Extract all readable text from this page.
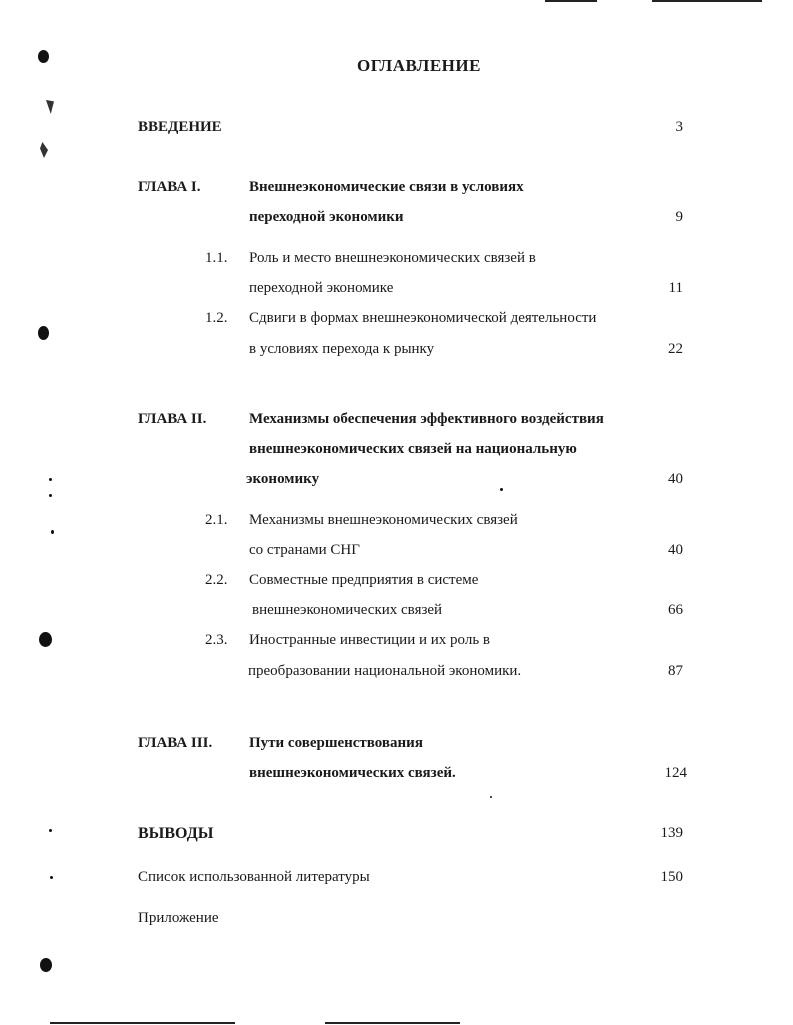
ОГЛАВЛЕНИЕ
ВВЕДЕНИЕ	3
ГЛАВА I.	Внешнеэкономические связи в условиях
переходной экономики	9
1.1. Роль и место внешнеэкономических связей в
переходной экономике	11
1.2. Сдвиги в формах внешнеэкономической деятельности
в условиях перехода к рынку	22
ГЛАВА II.	Механизмы обеспечения эффективного воздействия
внешнеэкономических связей на национальную
экономику	40
2.1. Механизмы внешнеэкономических связей
со странами СНГ	40
2.2. Совместные предприятия в системе
внешнеэкономических связей	66
2.3. Иностранные инвестиции и их роль в
преобразовании национальной экономики.	87
ГЛАВА III. Пути совершенствования
внешнеэкономических связей.	124
ВЫВОДЫ	139
Список использованной литературы	150
Приложение
